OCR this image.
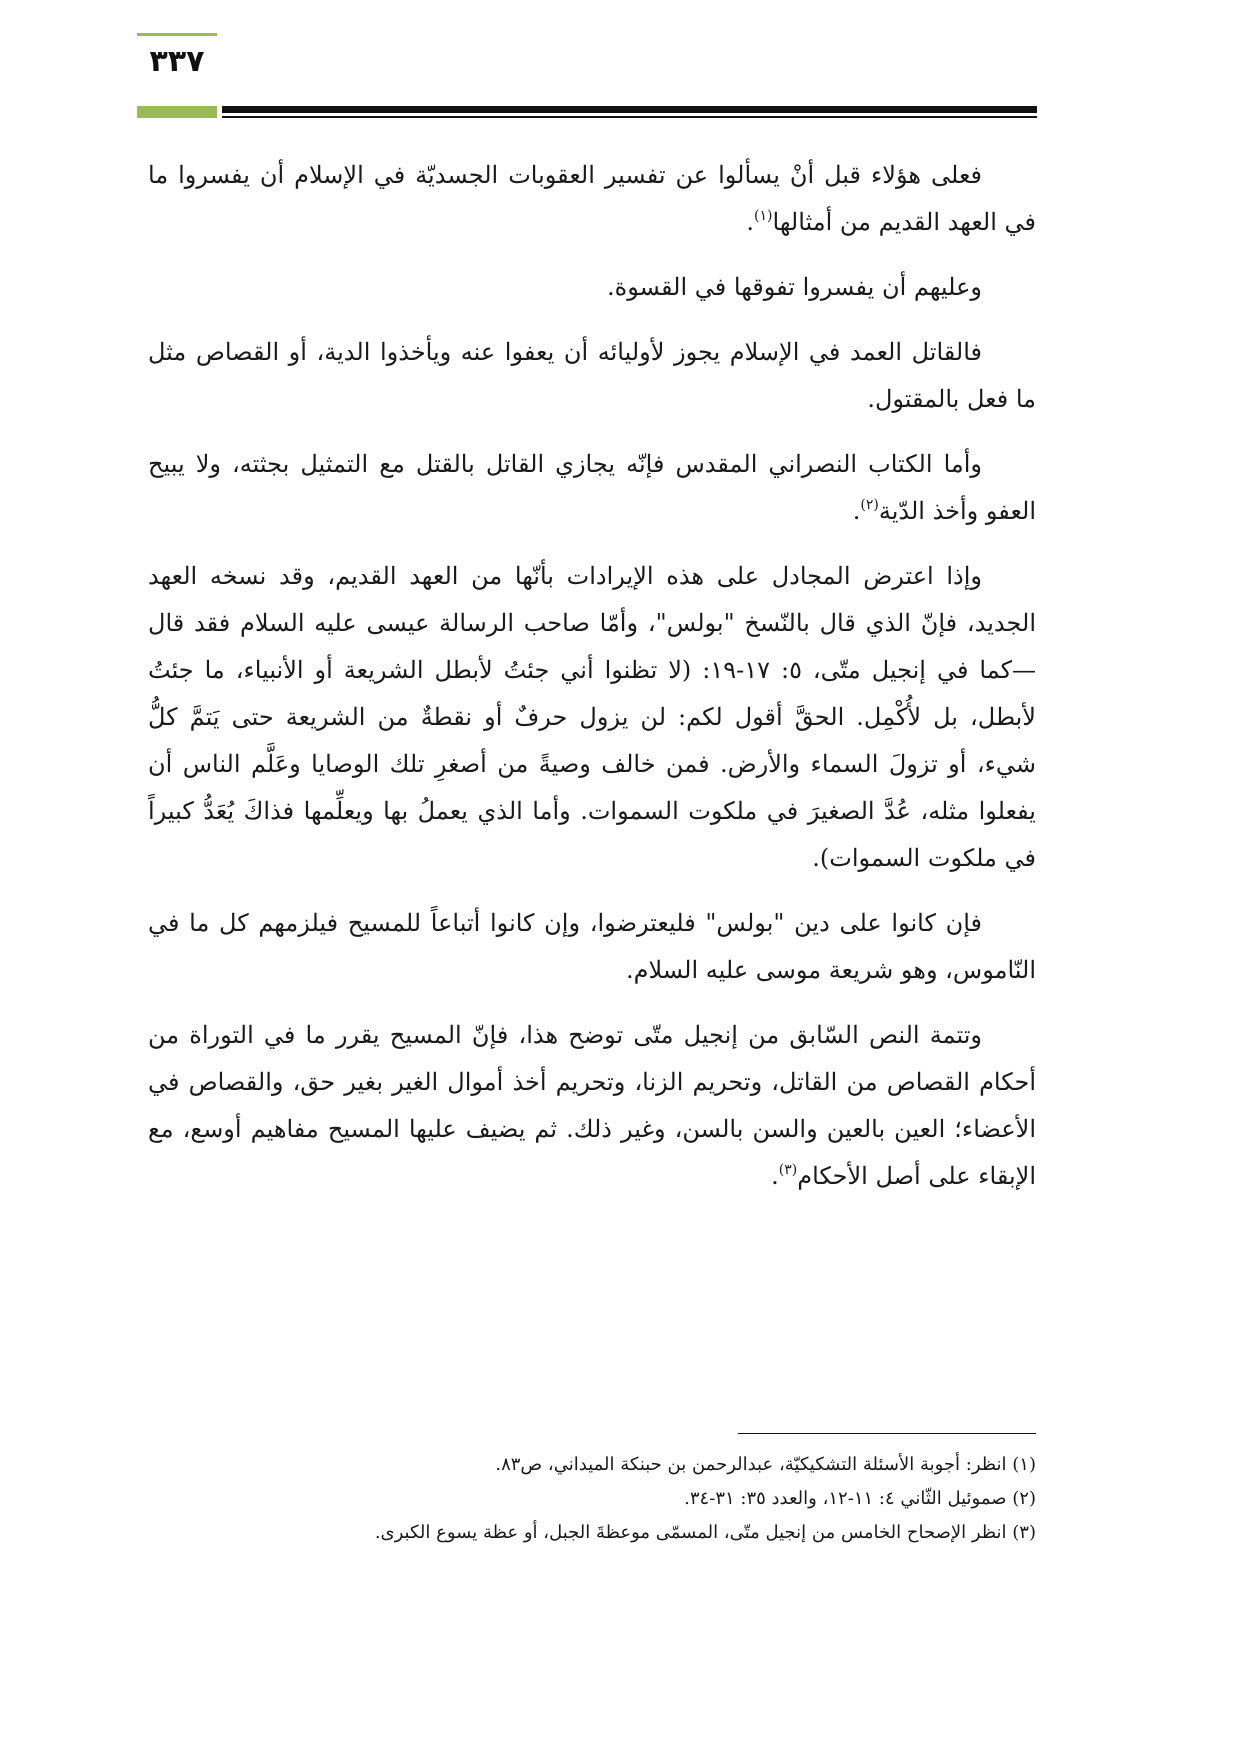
٣٣٧

فعلى هؤلاء قبل أنْ يسألوا عن تفسير العقوبات الجسديّة في الإسلام أن يفسروا ما في العهد القديم من أمثالها$^{(١)}$.

وعليهم أن يفسروا تفوقها في القسوة.

فالقاتل العمد في الإسلام يجوز لأوليائه أن يعفوا عنه ويأخذوا الدية، أو القصاص مثل ما فعل بالمقتول.

وأما الكتاب النصراني المقدس فإنّه يجازي القاتل بالقتل مع التمثيل بجثته، ولا يبيح العفو وأخذ الدّية$^{(٢)}$.

وإذا اعترض المجادل على هذه الإيرادات بأنّها من العهد القديم، وقد نسخه العهد الجديد، فإنّ الذي قال بالنّسخ "بولس"، وأمّا صاحب الرسالة عيسى عليه السلام فقد قال —كما في إنجيل متّى، ٥: ١٧-١٩: (لا تظنوا أني جئتُ لأبطل الشريعة أو الأنبياء، ما جئتُ لأبطل، بل لأُكْمِل. الحقَّ أقول لكم: لن يزول حرفٌ أو نقطةٌ من الشريعة حتى يَتمَّ كلُّ شيء، أو تزولَ السماء والأرض. فمن خالف وصيةً من أصغرِ تلك الوصايا وعَلَّم الناس أن يفعلوا مثله، عُدَّ الصغيرَ في ملكوت السموات. وأما الذي يعملُ بها ويعلِّمها فذاكَ يُعَدُّ كبيراً في ملكوت السموات).

فإن كانوا على دين "بولس" فليعترضوا، وإن كانوا أتباعاً للمسيح فيلزمهم كل ما في النّاموس، وهو شريعة موسى عليه السلام.

وتتمة النص السّابق من إنجيل متّى توضح هذا، فإنّ المسيح يقرر ما في التوراة من أحكام القصاص من القاتل، وتحريم الزنا، وتحريم أخذ أموال الغير بغير حق، والقصاص في الأعضاء؛ العين بالعين والسن بالسن، وغير ذلك. ثم يضيف عليها المسيح مفاهيم أوسع، مع الإبقاء على أصل الأحكام$^{(٣)}$.

(١) انظر: أجوبة الأسئلة التشكيكيّة، عبدالرحمن بن حبنكة الميداني، ص٨٣.

(٢) صموئيل الثّاني ٤: ١١-١٢، والعدد ٣٥: ٣١-٣٤.

(٣) انظر الإصحاح الخامس من إنجيل متّى، المسمّى موعظةَ الجبل، أو عظة يسوع الكبرى.
